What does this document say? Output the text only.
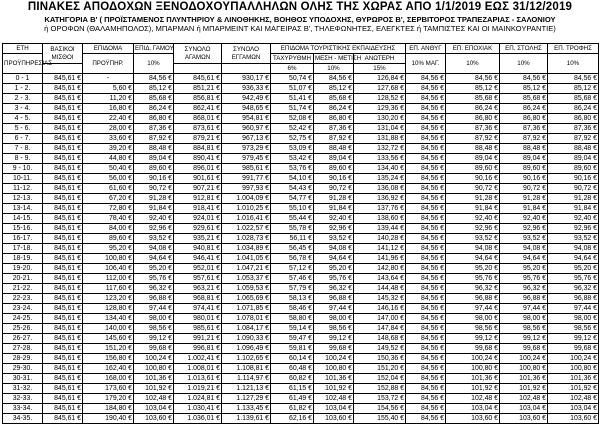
ΠΙΝΑΚΕΣ ΑΠΟΔΟΧΩΝ ΞΕΝΟΔΟΧΟΥΠΑΛΛΗΛΩΝ ΟΛΗΣ ΤΗΣ ΧΩΡΑΣ ΑΠΟ 1/1/2019 ΕΩΣ 31/12/2019
ΚΑΤΗΓΟΡΙΑ Β' ( ΠΡΟΪΣΤΑΜΕΝΟΣ ΠΛΥΝΤΗΡΙΟΥ & ΛΙΝΟΘΗΚΗΣ, ΒΟΗΘΟΣ ΥΠΟΔΟΧΗΣ, ΘΥΡΩΡΟΣ Β', ΣΕΡΒΙΤΟΡΟΣ ΤΡΑΠΕΖΑΡΙΑΣ - ΣΑΛΟΝΙΟΥ
ή ΟΡΟΦΩΝ (ΘΑΛΑΜΗΠΟΛΟΣ), ΜΠΑΡΜΑΝ ή ΜΠΑΡΜΕΙΝΤ ΚΑΙ ΜΑΓΕΙΡΑΣ Β', ΤΗΛΕΦΩΝΗΤΕΣ, ΕΛΕΓΚΤΕΣ ή ΤΑΜΠΙΣΤΕΣ ΚΑΙ ΟΙ ΜΑΙΝΚΟΥΡΑΝΤΙΕ)
ΕΤΗ	ΒΑΣΙΚΟΙ ΜΙΣΘΟΙ	ΕΠΙΔΟΜΑ	ΕΠΙΔ. ΓΑΜΟΥ	ΣΥΝΟΛΟ ΑΓΑΜΩΝ	ΣΥΝΟΛΟ ΕΓΓΑΜΩΝ	ΕΠΙΔΟΜΑ ΤΟΥΡΙΣΤΙΚΗΣ ΕΚΠΑΙΔΕΥΣΗΣ			ΕΠ. ΑΝΘΥΓ	ΕΠ. ΕΠΟΧΙΑΚ	ΕΠ. ΣΤΟΛΗΣ	ΕΠ. ΤΡΟΦΗΣ
ΠΡΟΫΠΗΡΕΣΙΑΣ		ΠΡΟΫΠΗΡ.	10%			ΤΑΧΥΡΥΘΜΗ	ΜΕΣΗ - ΜΕΤΙΣΗ	ΑΝΩΤΕΡΗ	10% ΜΑΓ.	10%	10%	10%
						6%	10%	15%				
0 - 1	845,61 €	-	84,56 €	845,61 €	930,17 €	50,74 €	84,56 €	126,84 €	84,56 €	84,56 €	84,56 €	84,56 €
1 - 2.	845,61 €	5,60 €	85,12 €	851,21 €	936,33 €	51,07 €	85,12 €	127,68 €	84,56 €	85,12 €	85,12 €	85,12 €
2 - 3.	845,61 €	11,20 €	85,68 €	856,81 €	942,49 €	51,41 €	85,68 €	128,52 €	84,56 €	85,68 €	85,68 €	85,68 €
3 - 4.	845,61 €	16,80 €	86,24 €	862,41 €	948,65 €	51,74 €	86,24 €	129,36 €	84,56 €	86,24 €	86,24 €	86,24 €
4 - 5.	845,61 €	22,40 €	86,80 €	868,01 €	954,81 €	52,08 €	86,80 €	130,20 €	84,56 €	86,80 €	86,80 €	86,80 €
5 - 6.	845,61 €	28,00 €	87,36 €	873,61 €	960,97 €	52,42 €	87,36 €	131,04 €	84,56 €	87,36 €	87,36 €	87,36 €
6 - 7.	845,61 €	33,60 €	87,92 €	879,21 €	967,13 €	52,75 €	87,92 €	131,88 €	84,56 €	87,92 €	87,92 €	87,92 €
7 - 8.	845,61 €	39,20 €	88,48 €	884,81 €	973,29 €	53,09 €	88,48 €	132,72 €	84,56 €	88,48 €	88,48 €	88,48 €
8 - 9.	845,61 €	44,80 €	89,04 €	890,41 €	979,45 €	53,42 €	89,04 €	133,56 €	84,56 €	89,04 €	89,04 €	89,04 €
9 - 10.	845,61 €	50,40 €	89,60 €	896,01 €	985,61 €	53,76 €	89,60 €	134,40 €	84,56 €	89,60 €	89,60 €	89,60 €
10-11.	845,61 €	56,00 €	90,16 €	901,61 €	991,77 €	54,10 €	90,16 €	135,24 €	84,56 €	90,16 €	90,16 €	90,16 €
11-12.	845,61 €	61,60 €	90,72 €	907,21 €	997,93 €	54,43 €	90,72 €	136,08 €	84,56 €	90,72 €	90,72 €	90,72 €
12-13.	845,61 €	67,20 €	91,28 €	912,81 €	1.004,09 €	54,77 €	91,28 €	136,92 €	84,56 €	91,28 €	91,28 €	91,28 €
13-14.	845,61 €	72,80 €	91,84 €	918,41 €	1.010,25 €	55,10 €	91,84 €	137,76 €	84,56 €	91,84 €	91,84 €	91,84 €
14-15.	845,61 €	78,40 €	92,40 €	924,01 €	1.016,41 €	55,44 €	92,40 €	138,60 €	84,56 €	92,40 €	92,40 €	92,40 €
15-16.	845,61 €	84,00 €	92,96 €	929,61 €	1.022,57 €	55,78 €	92,96 €	139,44 €	84,56 €	92,96 €	92,96 €	92,96 €
16-17.	845,61 €	89,60 €	93,52 €	935,21 €	1.028,73 €	56,11 €	93,52 €	140,28 €	84,56 €	93,52 €	93,52 €	93,52 €
17-18.	845,61 €	95,20 €	94,08 €	940,81 €	1.034,89 €	56,45 €	94,08 €	141,12 €	84,56 €	94,08 €	94,08 €	94,08 €
18-19.	845,61 €	100,80 €	94,64 €	946,41 €	1.041,05 €	56,78 €	94,64 €	141,96 €	84,56 €	94,64 €	94,64 €	94,64 €
19-20.	845,61 €	106,40 €	95,20 €	952,01 €	1.047,21 €	57,12 €	95,20 €	142,80 €	84,56 €	95,20 €	95,20 €	95,20 €
20-21.	845,61 €	112,00 €	95,76 €	957,61 €	1.053,37 €	57,46 €	95,76 €	143,64 €	84,56 €	95,76 €	95,76 €	95,76 €
21-22.	845,61 €	117,60 €	96,32 €	963,21 €	1.059,53 €	57,79 €	96,32 €	144,48 €	84,56 €	96,32 €	96,32 €	96,32 €
22-23.	845,61 €	123,20 €	96,88 €	968,81 €	1.065,69 €	58,13 €	96,88 €	145,32 €	84,56 €	96,88 €	96,88 €	96,88 €
23-24.	845,61 €	128,80 €	97,44 €	974,41 €	1.071,85 €	58,46 €	97,44 €	146,16 €	84,56 €	97,44 €	97,44 €	97,44 €
24-25.	845,61 €	134,40 €	98,00 €	980,01 €	1.078,01 €	58,80 €	98,00 €	147,00 €	84,56 €	98,00 €	98,00 €	98,00 €
25-26.	845,61 €	140,00 €	98,56 €	985,61 €	1.084,17 €	59,14 €	98,56 €	147,84 €	84,56 €	98,56 €	98,56 €	98,56 €
26-27.	845,61 €	145,60 €	99,12 €	991,21 €	1.090,33 €	59,47 €	99,12 €	148,68 €	84,56 €	99,12 €	99,12 €	99,12 €
27-28.	845,61 €	151,20 €	99,68 €	996,81 €	1.096,49 €	59,81 €	99,68 €	149,52 €	84,56 €	99,68 €	99,68 €	99,68 €
28-29.	845,61 €	156,80 €	100,24 €	1.002,41 €	1.102,65 €	60,14 €	100,24 €	150,36 €	84,56 €	100,24 €	100,24 €	100,24 €
29-30.	845,61 €	162,40 €	100,80 €	1.008,01 €	1.108,81 €	60,48 €	100,80 €	151,20 €	84,56 €	100,80 €	100,80 €	100,80 €
30-31.	845,61 €	168,00 €	101,36 €	1.013,61 €	1.114,97 €	60,82 €	101,36 €	152,04 €	84,56 €	101,36 €	101,36 €	101,36 €
31-32.	845,61 €	173,60 €	101,92 €	1.019,21 €	1.121,13 €	61,15 €	101,92 €	152,88 €	84,56 €	101,92 €	101,92 €	101,92 €
32-33.	845,61 €	179,20 €	102,48 €	1.024,81 €	1.127,29 €	61,49 €	102,48 €	153,72 €	84,56 €	102,48 €	102,48 €	102,48 €
33-34.	845,61 €	184,80 €	103,04 €	1.030,41 €	1.133,45 €	61,82 €	103,04 €	154,56 €	84,56 €	103,04 €	103,04 €	103,04 €
34-35.	845,61 €	190,40 €	103,60 €	1.036,01 €	1.139,61 €	62,16 €	103,60 €	155,40 €	84,56 €	103,60 €	103,60 €	103,60 €
